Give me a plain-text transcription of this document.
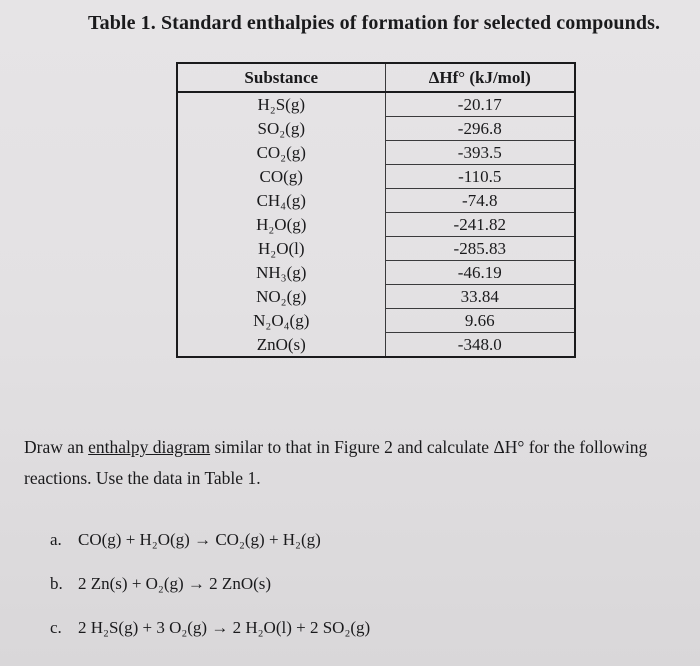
Table 1. Standard enthalpies of formation for selected compounds.
Substance	ΔHf° (kJ/mol)
H₂S(g)	-20.17
SO₂(g)	-296.8
CO₂(g)	-393.5
CO(g)	-110.5
CH₄(g)	-74.8
H₂O(g)	-241.82
H₂O(l)	-285.83
NH₃(g)	-46.19
NO₂(g)	33.84
N₂O₄(g)	9.66
ZnO(s)	-348.0
Draw an enthalpy diagram similar to that in Figure 2 and calculate ΔH° for the following reactions. Use the data in Table 1.
a. CO(g) + H₂O(g) → CO₂(g) + H₂(g)
b. 2 Zn(s) + O₂(g) → 2 ZnO(s)
c. 2 H₂S(g) + 3 O₂(g) → 2 H₂O(l) + 2 SO₂(g)
